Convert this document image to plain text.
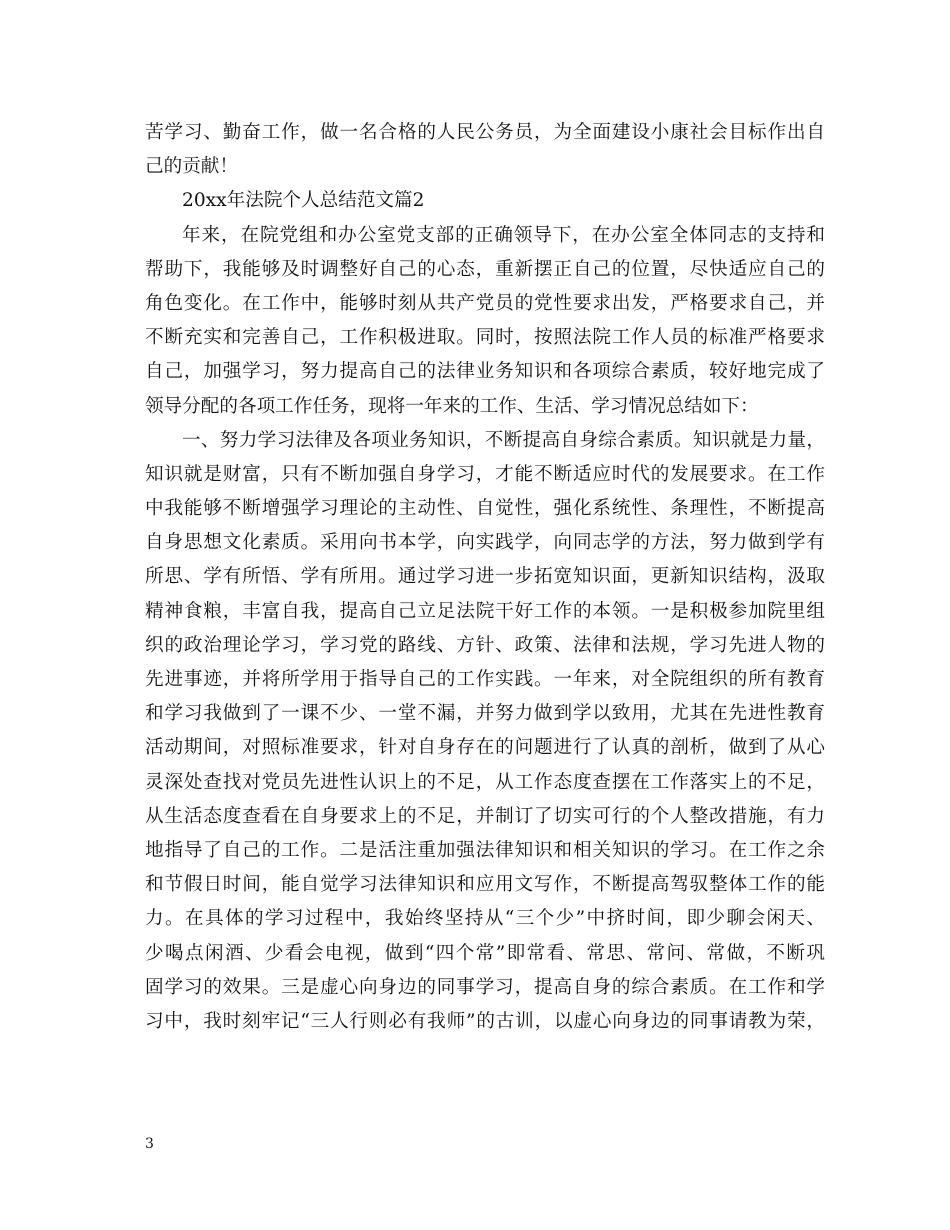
苦学习、勤奋工作，做一名合格的人民公务员，为全面建设小康社会目标作出自
己的贡献！
20xx年法院个人总结范文篇2
年来，在院党组和办公室党支部的正确领导下，在办公室全体同志的支持和
帮助下，我能够及时调整好自己的心态，重新摆正自己的位置，尽快适应自己的
角色变化。在工作中，能够时刻从共产党员的党性要求出发，严格要求自己，并
不断充实和完善自己，工作积极进取。同时，按照法院工作人员的标准严格要求
自己，加强学习，努力提高自己的法律业务知识和各项综合素质，较好地完成了
领导分配的各项工作任务，现将一年来的工作、生活、学习情况总结如下：
一、努力学习法律及各项业务知识，不断提高自身综合素质。知识就是力量，
知识就是财富，只有不断加强自身学习，才能不断适应时代的发展要求。在工作
中我能够不断增强学习理论的主动性、自觉性，强化系统性、条理性，不断提高
自身思想文化素质。采用向书本学，向实践学，向同志学的方法，努力做到学有
所思、学有所悟、学有所用。通过学习进一步拓宽知识面，更新知识结构，汲取
精神食粮，丰富自我，提高自己立足法院干好工作的本领。一是积极参加院里组
织的政治理论学习，学习党的路线、方针、政策、法律和法规，学习先进人物的
先进事迹，并将所学用于指导自己的工作实践。一年来，对全院组织的所有教育
和学习我做到了一课不少、一堂不漏，并努力做到学以致用，尤其在先进性教育
活动期间，对照标准要求，针对自身存在的问题进行了认真的剖析，做到了从心
灵深处查找对党员先进性认识上的不足，从工作态度查摆在工作落实上的不足，
从生活态度查看在自身要求上的不足，并制订了切实可行的个人整改措施，有力
地指导了自己的工作。二是活注重加强法律知识和相关知识的学习。在工作之余
和节假日时间，能自觉学习法律知识和应用文写作，不断提高驾驭整体工作的能
力。在具体的学习过程中，我始终坚持从“三个少”中挤时间，即少聊会闲天、
少喝点闲酒、少看会电视，做到“四个常”即常看、常思、常问、常做，不断巩
固学习的效果。三是虚心向身边的同事学习，提高自身的综合素质。在工作和学
习中，我时刻牢记“三人行则必有我师”的古训，以虚心向身边的同事请教为荣，
3
